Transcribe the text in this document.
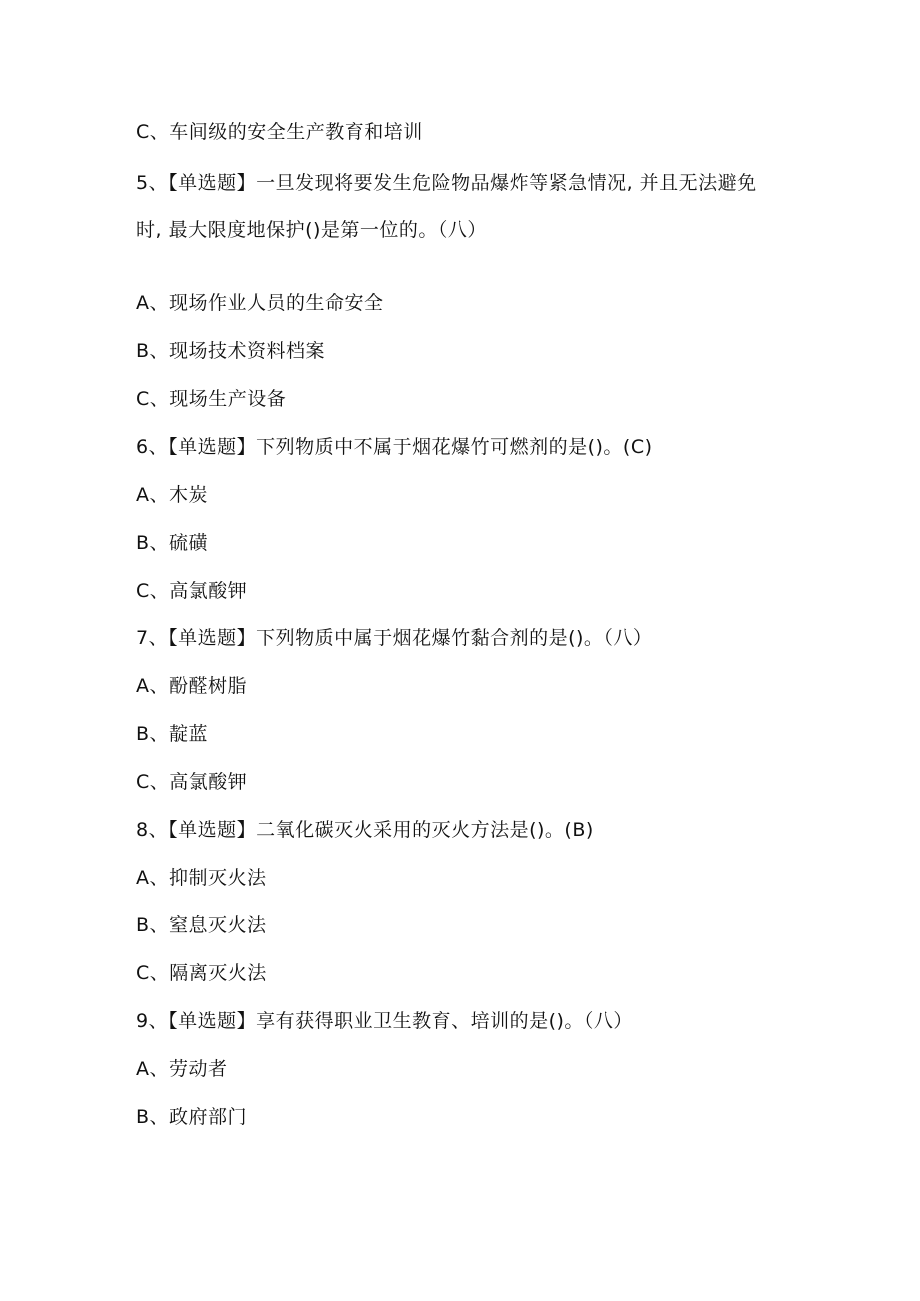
C、车间级的安全生产教育和培训
5、【单选题】一旦发现将要发生危险物品爆炸等紧急情况, 并且无法避免
时, 最大限度地保护()是第一位的。（八）
A、现场作业人员的生命安全
B、现场技术资料档案
C、现场生产设备
6、【单选题】下列物质中不属于烟花爆竹可燃剂的是()。(C)
A、木炭
B、硫磺
C、高氯酸钾
7、【单选题】下列物质中属于烟花爆竹黏合剂的是()。（八）
A、酚醛树脂
B、靛蓝
C、高氯酸钾
8、【单选题】二氧化碳灭火采用的灭火方法是()。(B)
A、抑制灭火法
B、窒息灭火法
C、隔离灭火法
9、【单选题】享有获得职业卫生教育、培训的是()。（八）
A、劳动者
B、政府部门
